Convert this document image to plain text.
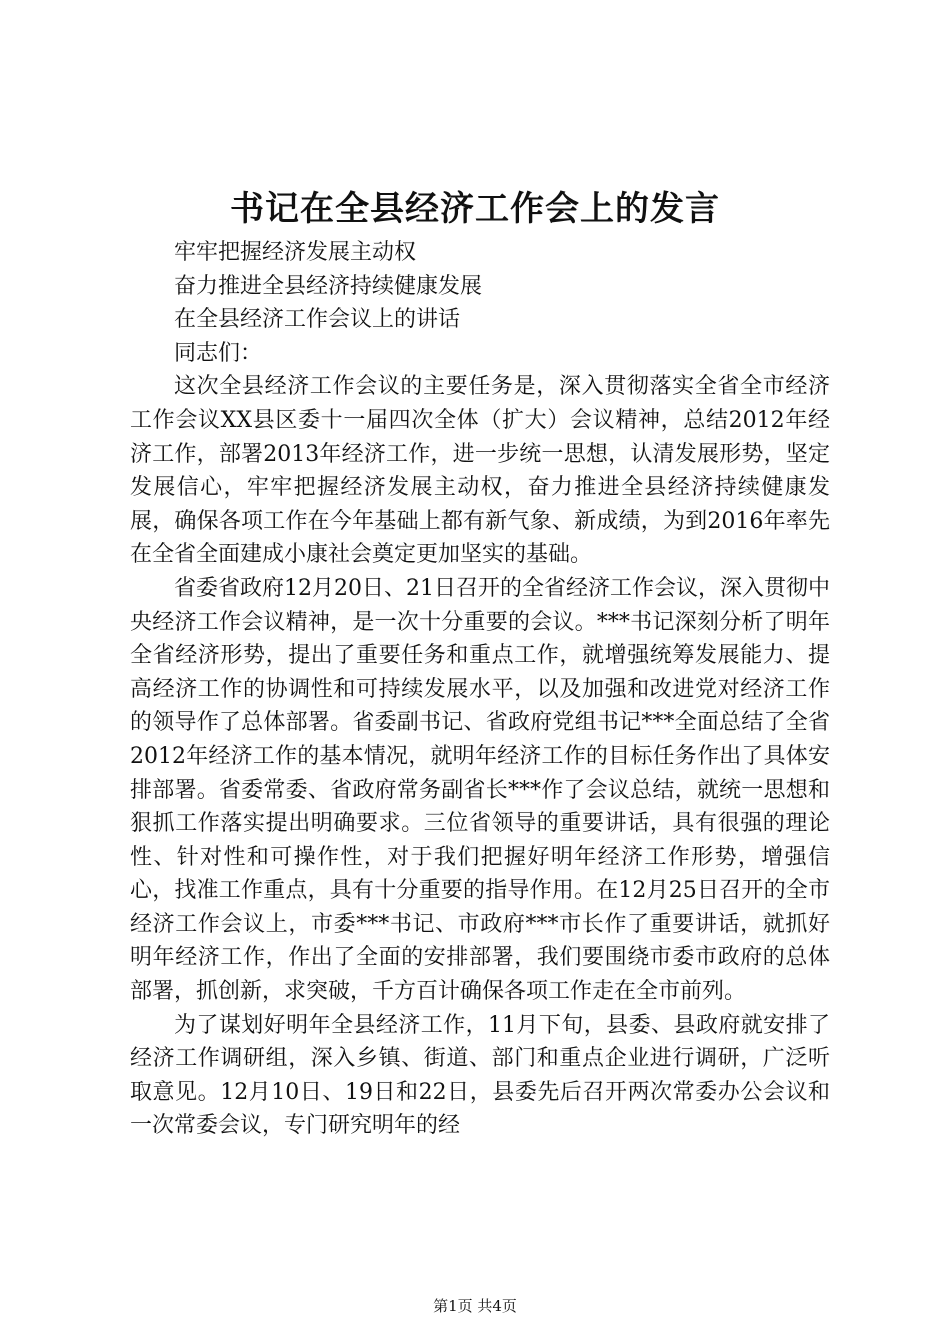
书记在全县经济工作会上的发言

牢牢把握经济发展主动权

奋力推进全县经济持续健康发展

在全县经济工作会议上的讲话

同志们：

这次全县经济工作会议的主要任务是，深入贯彻落实全省全市经济工作会议XX县区委十一届四次全体（扩大）会议精神，总结2012年经济工作，部署2013年经济工作，进一步统一思想，认清发展形势，坚定发展信心，牢牢把握经济发展主动权，奋力推进全县经济持续健康发展，确保各项工作在今年基础上都有新气象、新成绩，为到2016年率先在全省全面建成小康社会奠定更加坚实的基础。

省委省政府12月20日、21日召开的全省经济工作会议，深入贯彻中央经济工作会议精神，是一次十分重要的会议。***书记深刻分析了明年全省经济形势，提出了重要任务和重点工作，就增强统筹发展能力、提高经济工作的协调性和可持续发展水平，以及加强和改进党对经济工作的领导作了总体部署。省委副书记、省政府党组书记***全面总结了全省2012年经济工作的基本情况，就明年经济工作的目标任务作出了具体安排部署。省委常委、省政府常务副省长***作了会议总结，就统一思想和狠抓工作落实提出明确要求。三位省领导的重要讲话，具有很强的理论性、针对性和可操作性，对于我们把握好明年经济工作形势，增强信心，找准工作重点，具有十分重要的指导作用。在12月25日召开的全市经济工作会议上，市委***书记、市政府***市长作了重要讲话，就抓好明年经济工作，作出了全面的安排部署，我们要围绕市委市政府的总体部署，抓创新，求突破，千方百计确保各项工作走在全市前列。

为了谋划好明年全县经济工作，11月下旬，县委、县政府就安排了经济工作调研组，深入乡镇、街道、部门和重点企业进行调研，广泛听取意见。12月10日、19日和22日，县委先后召开两次常委办公会议和一次常委会议，专门研究明年的经

第1页 共4页
